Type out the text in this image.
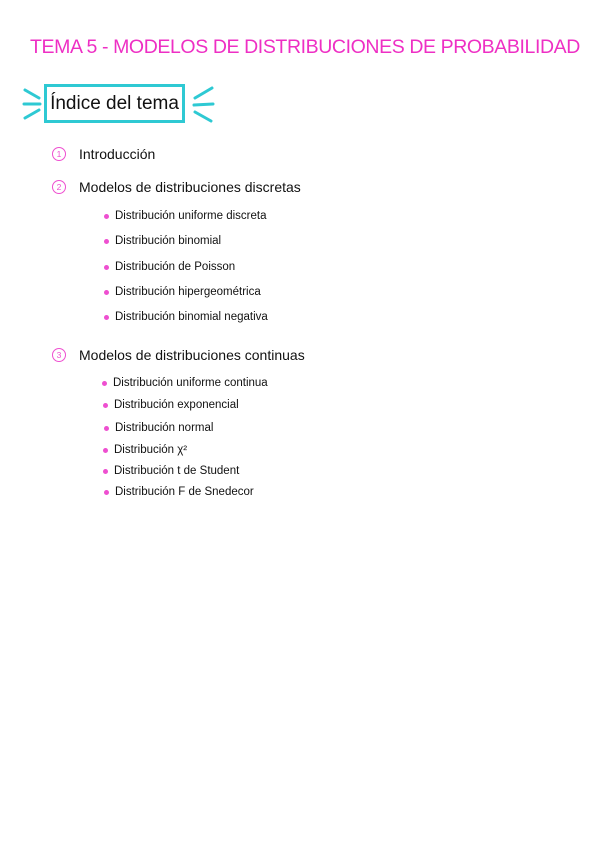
TEMA 5 - MODELOS DE DISTRIBUCIONES DE PROBABILIDAD
Índice del tema
1	Introducción
2	Modelos de distribuciones discretas
Distribución uniforme discreta
Distribución binomial
Distribución de Poisson
Distribución hipergeométrica
Distribución binomial negativa
3	Modelos de distribuciones continuas
Distribución uniforme continua
Distribución exponencial
Distribución normal
Distribución χ²
Distribución t de Student
Distribución F de Snedecor
